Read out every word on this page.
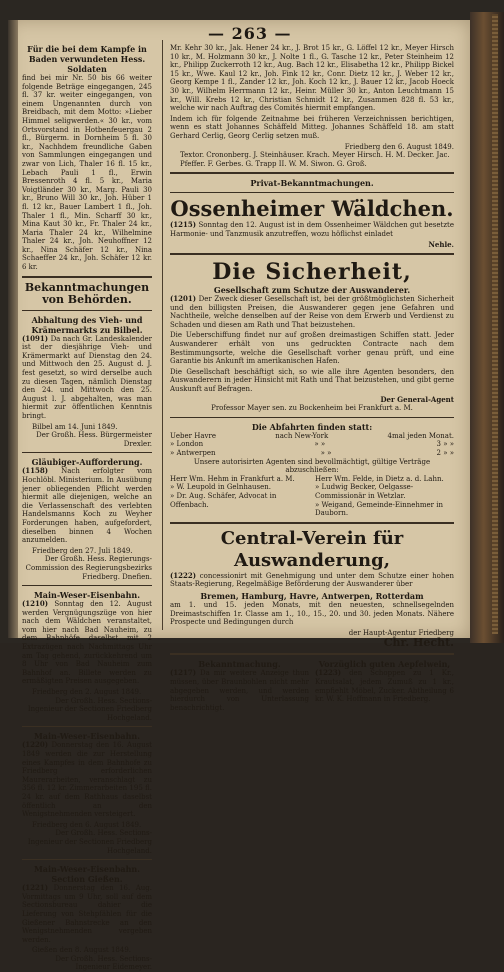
— 263 —
Für die bei dem Kampfe in Baden verwundeten Hess. Soldaten

find bei mir Nr. 50 bis 66 weiter folgende Beträge eingegangen, 245 fl. 37 kr. weiter eingegangen, von einem Ungenannten durch von Breidbach, mit dem Motto: »Lieber Himmel seligwerden.« 30 kr., vom Ortsvorstand in Hotbenfeuergau 2 fl., Bürgerm. in Dornheim 5 fl. 30 kr., Nachhdem freundliche Gaben von Sammlungen eingegangen und zwar von Lich, Thaler 16 fl. 15 kr., Lebach Pauli 1 fl., Erwin Bressenroth 4 fl. 5 kr., Maria Voigtländer 30 kr., Marg. Pauli 30 kr., Bruno Will 30 kr., Joh. Hüber 1 fl. 12 kr., Bauer Lambert 1 fl., Joh. Thaler 1 fl., Min. Scharff 30 kr., Mina Kaut 30 kr., Fr. Thaler 24 kr., Maria Thaler 24 kr., Wilhelmine Thaler 24 kr., Joh. Neuhoffner 12 kr., Nina Schäfer 12 kr., Nina Schaeffer 24 kr., Joh. Schäfer 12 kr. 6 kr.

Bekanntmachungen von Behörden.
Abhaltung des Vieh- und Krämermarkts zu Bilbel.

(1091) Da nach Gr. Landeskalender ist der diesjährige Vieh- und Krämermarkt auf Dienstag den 24. und Mittwoch den 25. August d. J. fest gesetzt, so wird derselbe auch zu diesen Tagen, nämlich Dienstag den 24. und Mittwoch den 25. August l. J. abgehalten, was man hiermit zur öffentlichen Kenntnis bringt.

Bilbel am 14. Juni 1849.
Der Großh. Hess. Bürgermeister Drexler.
Gläubiger-Aufforderung.

(1158) Nach erfolgter vom Hochlöbl. Ministerium. In Ausübung jener obliegenden Pflicht werden hiermit alle diejenigen, welche an die Verlassenschaft des verlebten Handelsmanns Koch zu Weyher Forderungen haben, aufgefordert, dieselben binnen 4 Wochen anzumelden.

Friedberg den 27. Juli 1849.
Der Großh. Hess. Regierungs-Commission des Regierungsbezirks Friedberg. Dnefien.
Main-Weser-Eisenbahn.

(1210) Sonntag den 12. August werden Vergnügungszüge von hier nach dem Wäldchen veranstaltet, vom hier nach Bad Nauheim, zu dem Bahnhöfe daselbst mit 2 Extrazügen nach Nachmittags Uhr am Tag gehend, zurückkehrend um 8 Uhr von Bad Nauheim zum Bahnhof an. Billete werden zu ermäßigten Preisen ausgegeben.

Friedberg den 2. August 1849.
Der Großh. Hess. Sections-Ingenieur der Sectionen Friedberg Hochgeland.
Main-Weser-Eisenbahn.

(1220) Donnerstag den 16. August 1849 werden die zur Herstellung eines Kampfes in dem Bahnhofe zu Friedberg erforderlichen Maurerarbeiten, veranschlagt zu 356 fl. 12 kr. Zimmerarbeiten 195 fl. 24 kr. auf dem Rathhaus daselbst öffentlich an den Wenigstnehmenden versteigert.

Friedberg den 6. August 1849.
Der Großh. Hess. Sections-Ingenieur der Sectionen Friedberg Hochgeland.
Main-Weser-Eisenbahn. Section Gießen.

(1221) Donnerstag den 16. Aug. Vormittags um 9 Uhr, soll auf dem Sectionsbureau dahier die Lieferung von Stehpfählen für die Gießener Bahnstrecke an den Wenigstnehmenden vergeben werden.

Gießen den 8. August 1849.
Der Großh. Hess. Sections-Ingenieur Eidemeyer.

Mr. Kehr 30 kr., Jak. Hener 24 kr., J. Brot 15 kr., G. Löffel 12 kr., Meyer Hirsch 10 kr., M. Holzmann 30 kr., J. Nolte 1 fl., G. Tasche 12 kr., Peter Steinheim 12 kr., Philipp Zuckerroth 12 kr., Aug. Bach 12 kr., Elisabetha 12 kr., Philipp Bickel 15 kr., Wwe. Kaul 12 kr., Joh. Fink 12 kr., Conr. Dietz 12 kr., J. Weber 12 kr., Georg Kempe 1 fl., Zander 12 kr., Joh. Koch 12 kr., J. Bauer 12 kr., Jacob Hoeck 30 kr., Wilhelm Herrmann 12 kr., Heinr. Müller 30 kr., Anton Leuchtmann 15 kr., Will. Krebs 12 kr., Christian Schmidt 12 kr., Zusammen 828 fl. 53 kr., welche wir nach Auftrag des Comités hiermit empfangen.

Indem ich für folgende Zeitnahme bei früheren Verzeichnissen berichtigen, wenn es statt Johannes Schäffeld Mitteg. Johannes Schäffeld 18. am statt Gerhard Cerlig, Georg Cerlig setzen muß.

Friedberg den 6. August 1849.
Textor. Crononberg. J. Steinhäuser. Krach. Meyer Hirsch. H. M. Decker. Jac. Pfeffer. F. Gerbes. G. Trapp II. W. M. Siwon. G. Groß.
Privat-Bekanntmachungen.
Ossenheimer Wäldchen.

(1215) Sonntag den 12. August ist in dem Ossenheimer Wäldchen gut besetzte Harmonie- und Tanzmusik anzutreffen, wozu höflichst einladet

Nehle.
Die Sicherheit,
Gesellschaft zum Schutze der Auswanderer.

(1201) Der Zweck dieser Gesellschaft ist, bei der größtmöglichsten Sicherheit und den billigsten Preisen, die Auswanderer gegen jene Gefahren und Nachtheile, welche denselben auf der Reise von dem Erwerb und Verdienst zu Schaden und diesen am Rath und That beizustehen.

Die Ueberschiffung findet nur auf großen dreimastigen Schiffen statt. Jeder Auswanderer erhält von uns gedruckten Contracte nach dem Bestimmungsorte, welche die Gesellschaft vorher genau prüft, und eine Garantie bis Ankunft im amerikanischen Hafen.

Die Gesellschaft beschäftigt sich, so wie alle ihre Agenten besonders, den Auswanderern in jeder Hinsicht mit Rath und That beizustehen, und gibt gerne Auskunft auf Befragen.

Der General-Agent
Professor Mayer sen. zu Bockenheim bei Frankfurt a. M.
Die Abfahrten finden statt:
Ueber Havre	nach New-York	4mal jeden Monat.
» London	» »	3 » »
» Antwerpen	» »	2 » »
Unsere autorisirten Agenten sind bevollmächtigt, gültige Verträge abzuschließen:
Herr Wm. Hehm in Frankfurt a. M.
» W. Leupold in Gelnhausen.
» Dr. Aug. Schäfer, Advocat in Offenbach.
Herr Wm. Felde, in Dietz a. d. Lahn.
» Ludwig Becker, Oelgasse-Commissionär in Wetzlar.
» Weigand, Gemeinde-Einnehmer in Dauborn.
Central-Verein für Auswanderung,

(1222) concessionirt mit Genehmigung und unter dem Schutze einer hohen Staats-Regierung, Regelmäßige Beförderung der Auswanderer über

Bremen, Hamburg, Havre, Antwerpen, Rotterdam

am 1. und 15. jeden Monats, mit den neuesten, schnellsegelnden Dreimastschiffen 1r. Classe am 1., 10., 15., 20. und 30. jeden Monats. Nähere Prospecte und Bedingungen durch

der Haupt-Agentur Friedberg
Chr. Hecht.
Bekanntmachung.

(1217) Da mir weitere Anzeige thun müssen, über Braunbohlen nicht mehr abgegeben werden, und werden hierdurch von Unterlassung benachrichtigt.

Vorzüglich guten Aepfelwein,

(1223) den Schoppen zu 1 Kr., Krautsalat, jedem Zumuß zu 1 kr., empfiehlt Möbel, Zucker. Abtheilung 6 kr. W. K. Hoffmann in Friedberg.
